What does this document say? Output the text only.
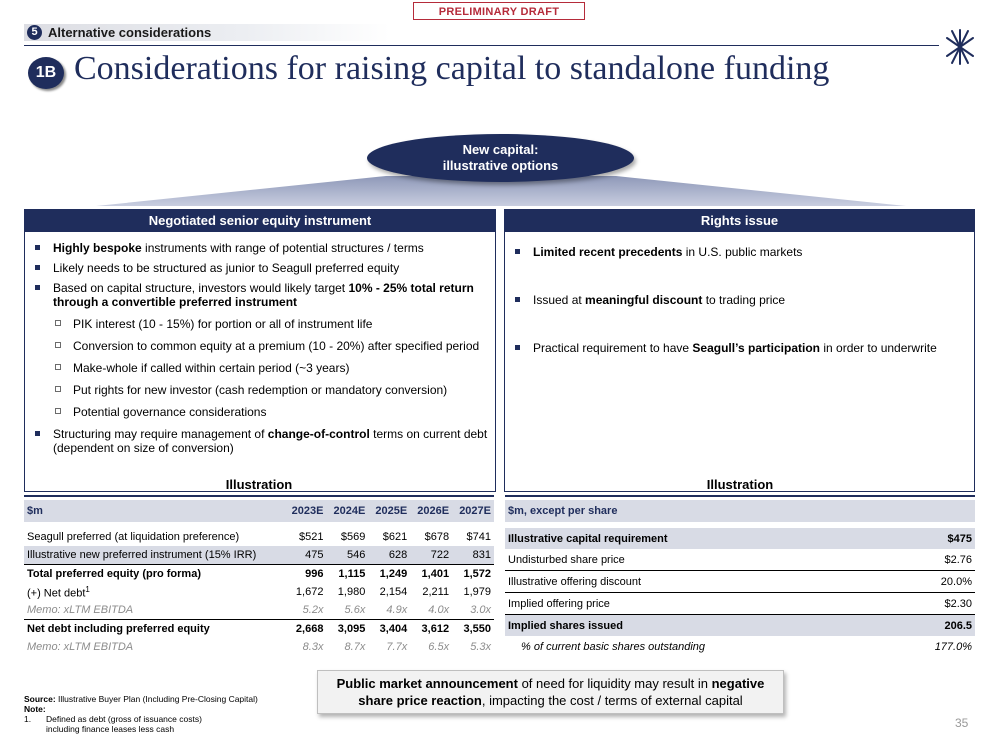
PRELIMINARY DRAFT
5 Alternative considerations
1B Considerations for raising capital to standalone funding
New capital:
illustrative options
Negotiated senior equity instrument
Highly bespoke instruments with range of potential structures / terms
Likely needs to be structured as junior to Seagull preferred equity
Based on capital structure, investors would likely target 10% - 25% total return through a convertible preferred instrument
PIK interest (10 - 15%) for portion or all of instrument life
Conversion to common equity at a premium (10 - 20%) after specified period
Make-whole if called within certain period (~3 years)
Put rights for new investor (cash redemption or mandatory conversion)
Potential governance considerations
Structuring may require management of change-of-control terms on current debt (dependent on size of conversion)
Rights issue
Limited recent precedents in U.S. public markets
Issued at meaningful discount to trading price
Practical requirement to have Seagull’s participation in order to underwrite
Illustration
$m	2023E	2024E	2025E	2026E	2027E

Seagull preferred (at liquidation preference)	$521	$569	$621	$678	$741
Illustrative new preferred instrument (15% IRR)	475	546	628	722	831
Total preferred equity (pro forma)	996	1,115	1,249	1,401	1,572
(+) Net debt$^1$	1,672	1,980	2,154	2,211	1,979
Memo: xLTM EBITDA	5.2x	5.6x	4.9x	4.0x	3.0x
Net debt including preferred equity	2,668	3,095	3,404	3,612	3,550
Memo: xLTM EBITDA	8.3x	8.7x	7.7x	6.5x	5.3x
Illustration
$m, except per share	

Illustrative capital requirement	$475
Undisturbed share price	$2.76
Illustrative offering discount	20.0%
Implied offering price	$2.30
Implied shares issued	206.5
% of current basic shares outstanding	177.0%
Public market announcement of need for liquidity may result in negative share price reaction, impacting the cost / terms of external capital
Source: Illustrative Buyer Plan (Including Pre-Closing Capital)
Note:
1.	Defined as debt (gross of issuance costs) including finance leases less cash	35
